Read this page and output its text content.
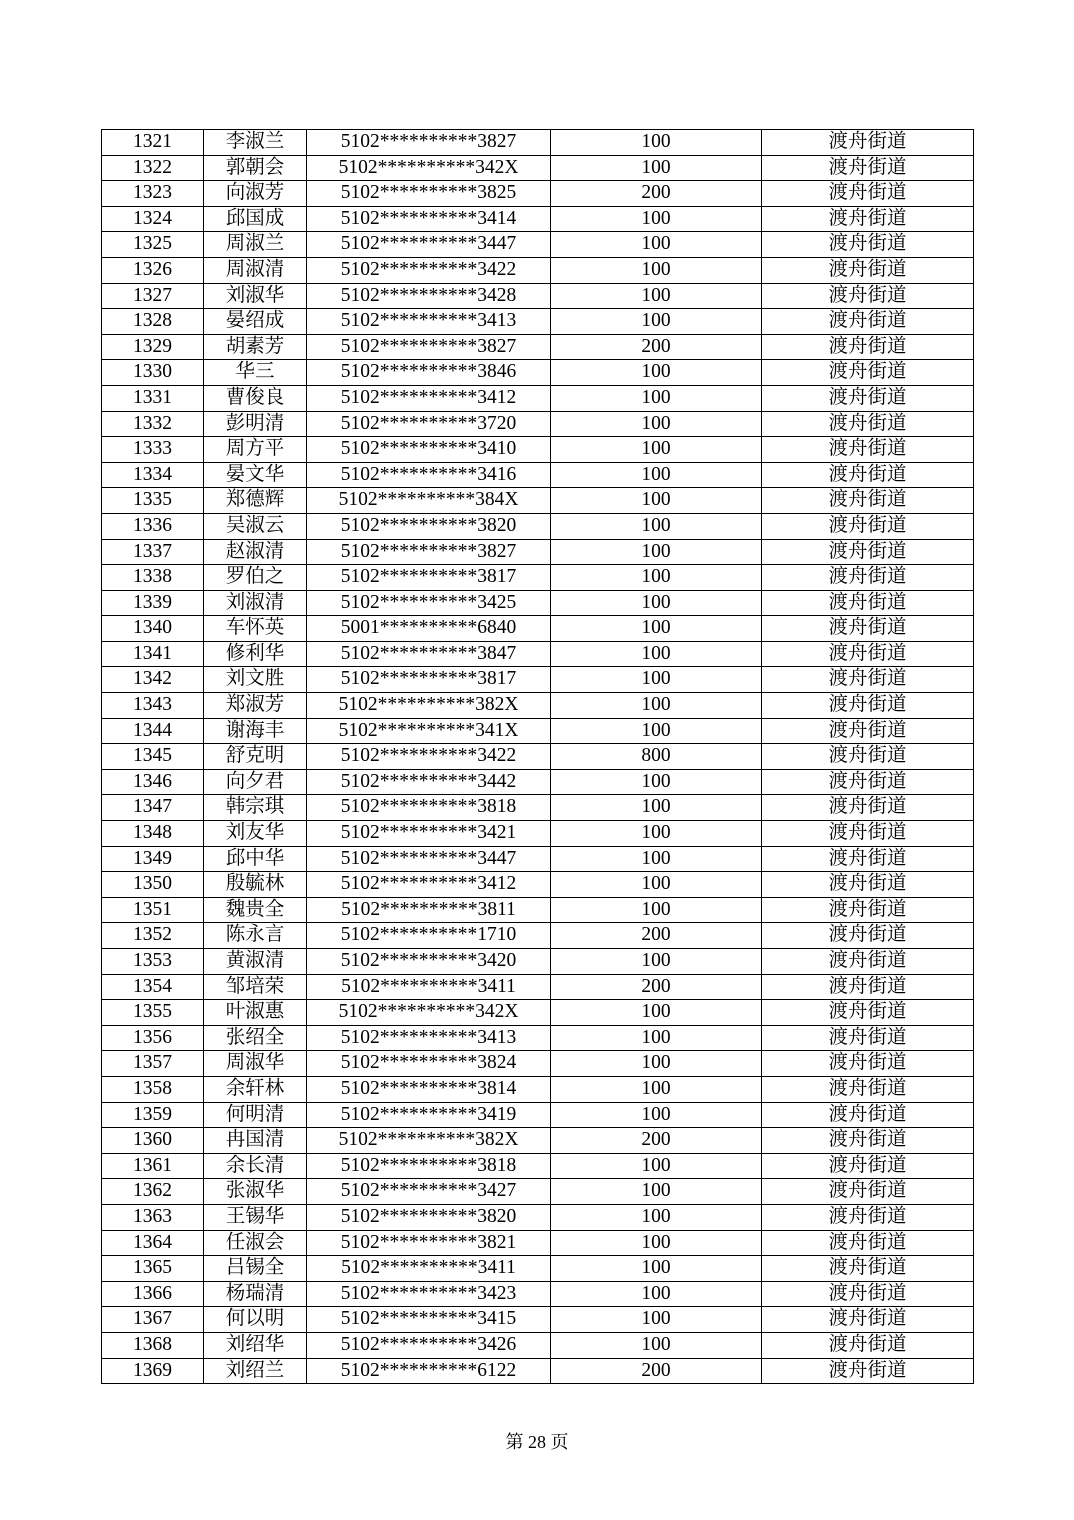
1321	李淑兰	5102**********3827	100	渡舟街道
1322	郭朝会	5102**********342X	100	渡舟街道
1323	向淑芳	5102**********3825	200	渡舟街道
1324	邱国成	5102**********3414	100	渡舟街道
1325	周淑兰	5102**********3447	100	渡舟街道
1326	周淑清	5102**********3422	100	渡舟街道
1327	刘淑华	5102**********3428	100	渡舟街道
1328	晏绍成	5102**********3413	100	渡舟街道
1329	胡素芳	5102**********3827	200	渡舟街道
1330	华三	5102**********3846	100	渡舟街道
1331	曹俊良	5102**********3412	100	渡舟街道
1332	彭明清	5102**********3720	100	渡舟街道
1333	周方平	5102**********3410	100	渡舟街道
1334	晏文华	5102**********3416	100	渡舟街道
1335	郑德辉	5102**********384X	100	渡舟街道
1336	吴淑云	5102**********3820	100	渡舟街道
1337	赵淑清	5102**********3827	100	渡舟街道
1338	罗伯之	5102**********3817	100	渡舟街道
1339	刘淑清	5102**********3425	100	渡舟街道
1340	车怀英	5001**********6840	100	渡舟街道
1341	修利华	5102**********3847	100	渡舟街道
1342	刘文胜	5102**********3817	100	渡舟街道
1343	郑淑芳	5102**********382X	100	渡舟街道
1344	谢海丰	5102**********341X	100	渡舟街道
1345	舒克明	5102**********3422	800	渡舟街道
1346	向夕君	5102**********3442	100	渡舟街道
1347	韩宗琪	5102**********3818	100	渡舟街道
1348	刘友华	5102**********3421	100	渡舟街道
1349	邱中华	5102**********3447	100	渡舟街道
1350	殷毓林	5102**********3412	100	渡舟街道
1351	魏贵全	5102**********3811	100	渡舟街道
1352	陈永言	5102**********1710	200	渡舟街道
1353	黄淑清	5102**********3420	100	渡舟街道
1354	邹培荣	5102**********3411	200	渡舟街道
1355	叶淑惠	5102**********342X	100	渡舟街道
1356	张绍全	5102**********3413	100	渡舟街道
1357	周淑华	5102**********3824	100	渡舟街道
1358	余轩林	5102**********3814	100	渡舟街道
1359	何明清	5102**********3419	100	渡舟街道
1360	冉国清	5102**********382X	200	渡舟街道
1361	余长清	5102**********3818	100	渡舟街道
1362	张淑华	5102**********3427	100	渡舟街道
1363	王锡华	5102**********3820	100	渡舟街道
1364	任淑会	5102**********3821	100	渡舟街道
1365	吕锡全	5102**********3411	100	渡舟街道
1366	杨瑞清	5102**********3423	100	渡舟街道
1367	何以明	5102**********3415	100	渡舟街道
1368	刘绍华	5102**********3426	100	渡舟街道
1369	刘绍兰	5102**********6122	200	渡舟街道
第 28 页
